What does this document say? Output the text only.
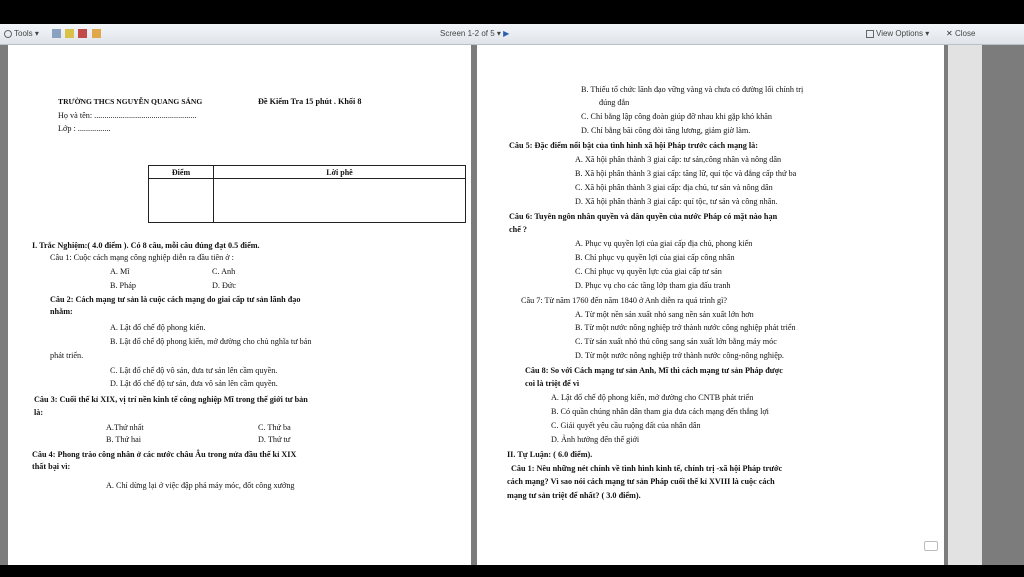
Tools ▾
	Screen 1-2 of 5 ▾ ▶	View Options ▾ ✕ Close
TRƯỜNG THCS NGUYỄN QUANG SÁNG	Đề Kiểm Tra 15 phút . Khối 8
Họ và tên: ..................................................
Lớp : ................
Điểm	Lời phê

I. Trắc Nghiệm:( 4.0 điểm ). Có 8 câu, mỗi câu đúng đạt 0.5 điểm.
Câu 1: Cuộc cách mạng công nghiệp diễn ra đầu tiên ở :
A. Mĩ	C. Anh
B. Pháp	D. Đức
Câu 2: Cách mạng tư sản là cuộc cách mạng do giai cấp tư sản lãnh đạo
nhằm:
A. Lật đổ chế độ phong kiến.
B. Lật đổ chế độ phong kiến, mở đường cho chủ nghĩa tư bản
phát triển.
C. Lật đổ chế độ vô sản, đưa tư sản lên cầm quyền.
D. Lật đổ chế độ tư sản, đưa vô sản lên cầm quyền.
Câu 3: Cuối thế kỉ XIX, vị trí nền kinh tế công nghiệp Mĩ trong thế giới tư bản
là:
A.Thứ nhất	C. Thứ ba
B. Thứ hai	D. Thứ tư
Câu 4: Phong trào công nhân ở các nước châu Âu trong nửa đầu thế kỉ XIX
thất bại vì:
A. Chỉ dừng lại ở việc đập phá máy móc, đốt công xưởng
B. Thiếu tổ chức lãnh đạo vững vàng và chưa có đường lối chính trị
đúng đắn
C. Chỉ bằng lập công đoàn giúp đỡ nhau khi gặp khó khăn
D. Chỉ bằng bãi công đòi tăng lương, giảm giờ làm.
Câu 5: Đặc điểm nổi bật của tình hình xã hội Pháp trước cách mạng là:
A. Xã hội phân thành 3 giai cấp: tư sản,công nhân và nông dân
B. Xã hội phân thành 3 giai cấp: tăng lữ, quí tộc và đẳng cấp thứ ba
C. Xã hội phân thành 3 giai cấp: địa chủ, tư sản và nông dân
D. Xã hội phân thành 3 giai cấp: quí tộc, tư sản và công nhân.
Câu 6: Tuyên ngôn nhân quyền và dân quyền của nước Pháp có mặt nào hạn
chế ?
A. Phục vụ quyền lợi của giai cấp địa chủ, phong kiến
B. Chỉ phục vụ quyền lợi của giai cấp công nhân
C. Chỉ phục vụ quyền lực của giai cấp tư sản
D. Phục vụ cho các tầng lớp tham gia đấu tranh
Câu 7: Từ năm 1760 đến năm 1840 ở Anh diễn ra quá trình gì?
A. Từ một nền sản xuất nhỏ sang nền sản xuất lớn hơn
B. Từ một nước nông nghiệp trở thành nước công nghiệp phát triển
C. Từ sản xuất nhỏ thủ công sang sản xuất lớn bằng máy móc
D. Từ một nước nông nghiệp trở thành nước công-nông nghiệp.
Câu 8: So với Cách mạng tư sản Anh, Mĩ thì cách mạng tư sản Pháp được
coi là triệt để vì
A. Lật đổ chế độ phong kiến, mở đường cho CNTB phát triển
B. Có quần chúng nhân dân tham gia đưa cách mạng đến thắng lợi
C. Giải quyết yêu cầu ruộng đất của nhân dân
D. Ảnh hưởng đến thế giới
II. Tự Luận: ( 6.0 điểm).
Câu 1: Nêu những nét chính về tình hình kinh tế, chính trị -xã hội Pháp trước
cách mạng? Vì sao nói cách mạng tư sản Pháp cuối thế kỉ XVIII là cuộc cách
mạng tư sản triệt để nhất? ( 3.0 điểm).
